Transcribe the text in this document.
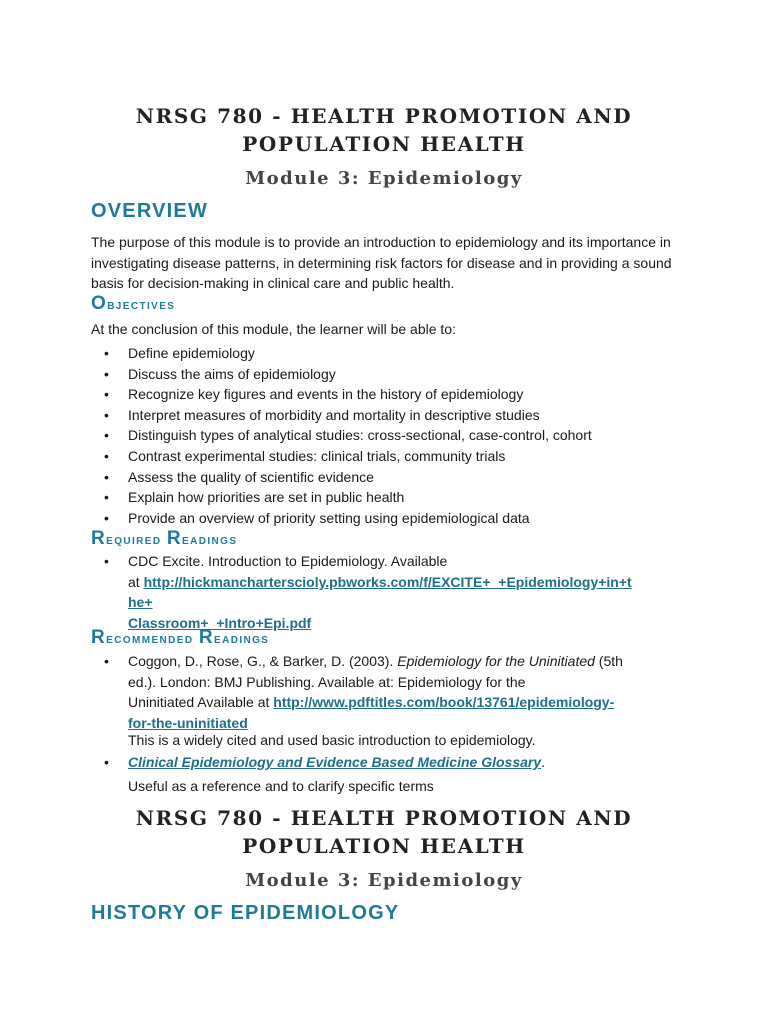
NRSG 780 - HEALTH PROMOTION AND
POPULATION HEALTH
Module 3: Epidemiology
OVERVIEW

The purpose of this module is to provide an introduction to epidemiology and its importance in investigating disease patterns, in determining risk factors for disease and in providing a sound basis for decision-making in clinical care and public health.

Objectives

At the conclusion of this module, the learner will be able to:

• Define epidemiology
• Discuss the aims of epidemiology
• Recognize key figures and events in the history of epidemiology
• Interpret measures of morbidity and mortality in descriptive studies
• Distinguish types of analytical studies: cross-sectional, case-control, cohort
• Contrast experimental studies: clinical trials, community trials
• Assess the quality of scientific evidence
• Explain how priorities are set in public health
• Provide an overview of priority setting using epidemiological data
Required Readings
• CDC Excite. Introduction to Epidemiology. Available
at http://hickmanchartersciolу.pbworks.com/f/EXCITE+_+Epidemiology+in+t
he+
Classroom+_+Intro+Epi.pdf
Recommended Readings
• Coggon, D., Rose, G., & Barker, D. (2003). Epidemiology for the Uninitiated (5th
ed.). London: BMJ Publishing. Available at: Epidemiology for the
Uninitiated Available at http://www.pdftitles.com/book/13761/epidemiology-
for-the-uninitiated

This is a widely cited and used basic introduction to epidemiology.

• Clinical Epidemiology and Evidence Based Medicine Glossary.

Useful as a reference and to clarify specific terms

NRSG 780 - HEALTH PROMOTION AND
POPULATION HEALTH
Module 3: Epidemiology
HISTORY OF EPIDEMIOLOGY
